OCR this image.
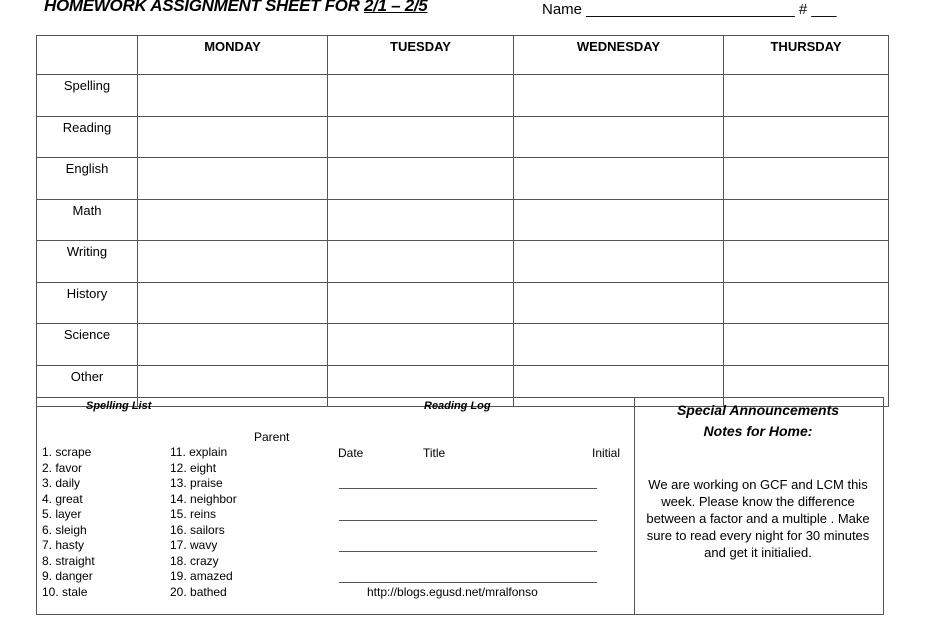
HOMEWORK ASSIGNMENT SHEET FOR 2/1 – 2/5	Name _________________________ # ___
	MONDAY	TUESDAY	WEDNESDAY	THURSDAY
Spelling				
Reading				
English				
Math				
Writing				
History				
Science				
Other				
Spelling List
1. scrape
2. favor
3. daily
4. great
5. layer
6. sleigh
7. hasty
8. straight
9. danger
10. stale
11. explain
12. eight
13. praise
14. neighbor
15. reins
16. sailors
17. wavy
18. crazy
19. amazed
20. bathed
Reading Log
Parent
Date	Title	Initial
http://blogs.egusd.net/mralfonso
Special Announcements
Notes for Home:
We are working on GCF and LCM this week. Please know the difference between a factor and a multiple . Make sure to read every night for 30 minutes and get it initialied.
